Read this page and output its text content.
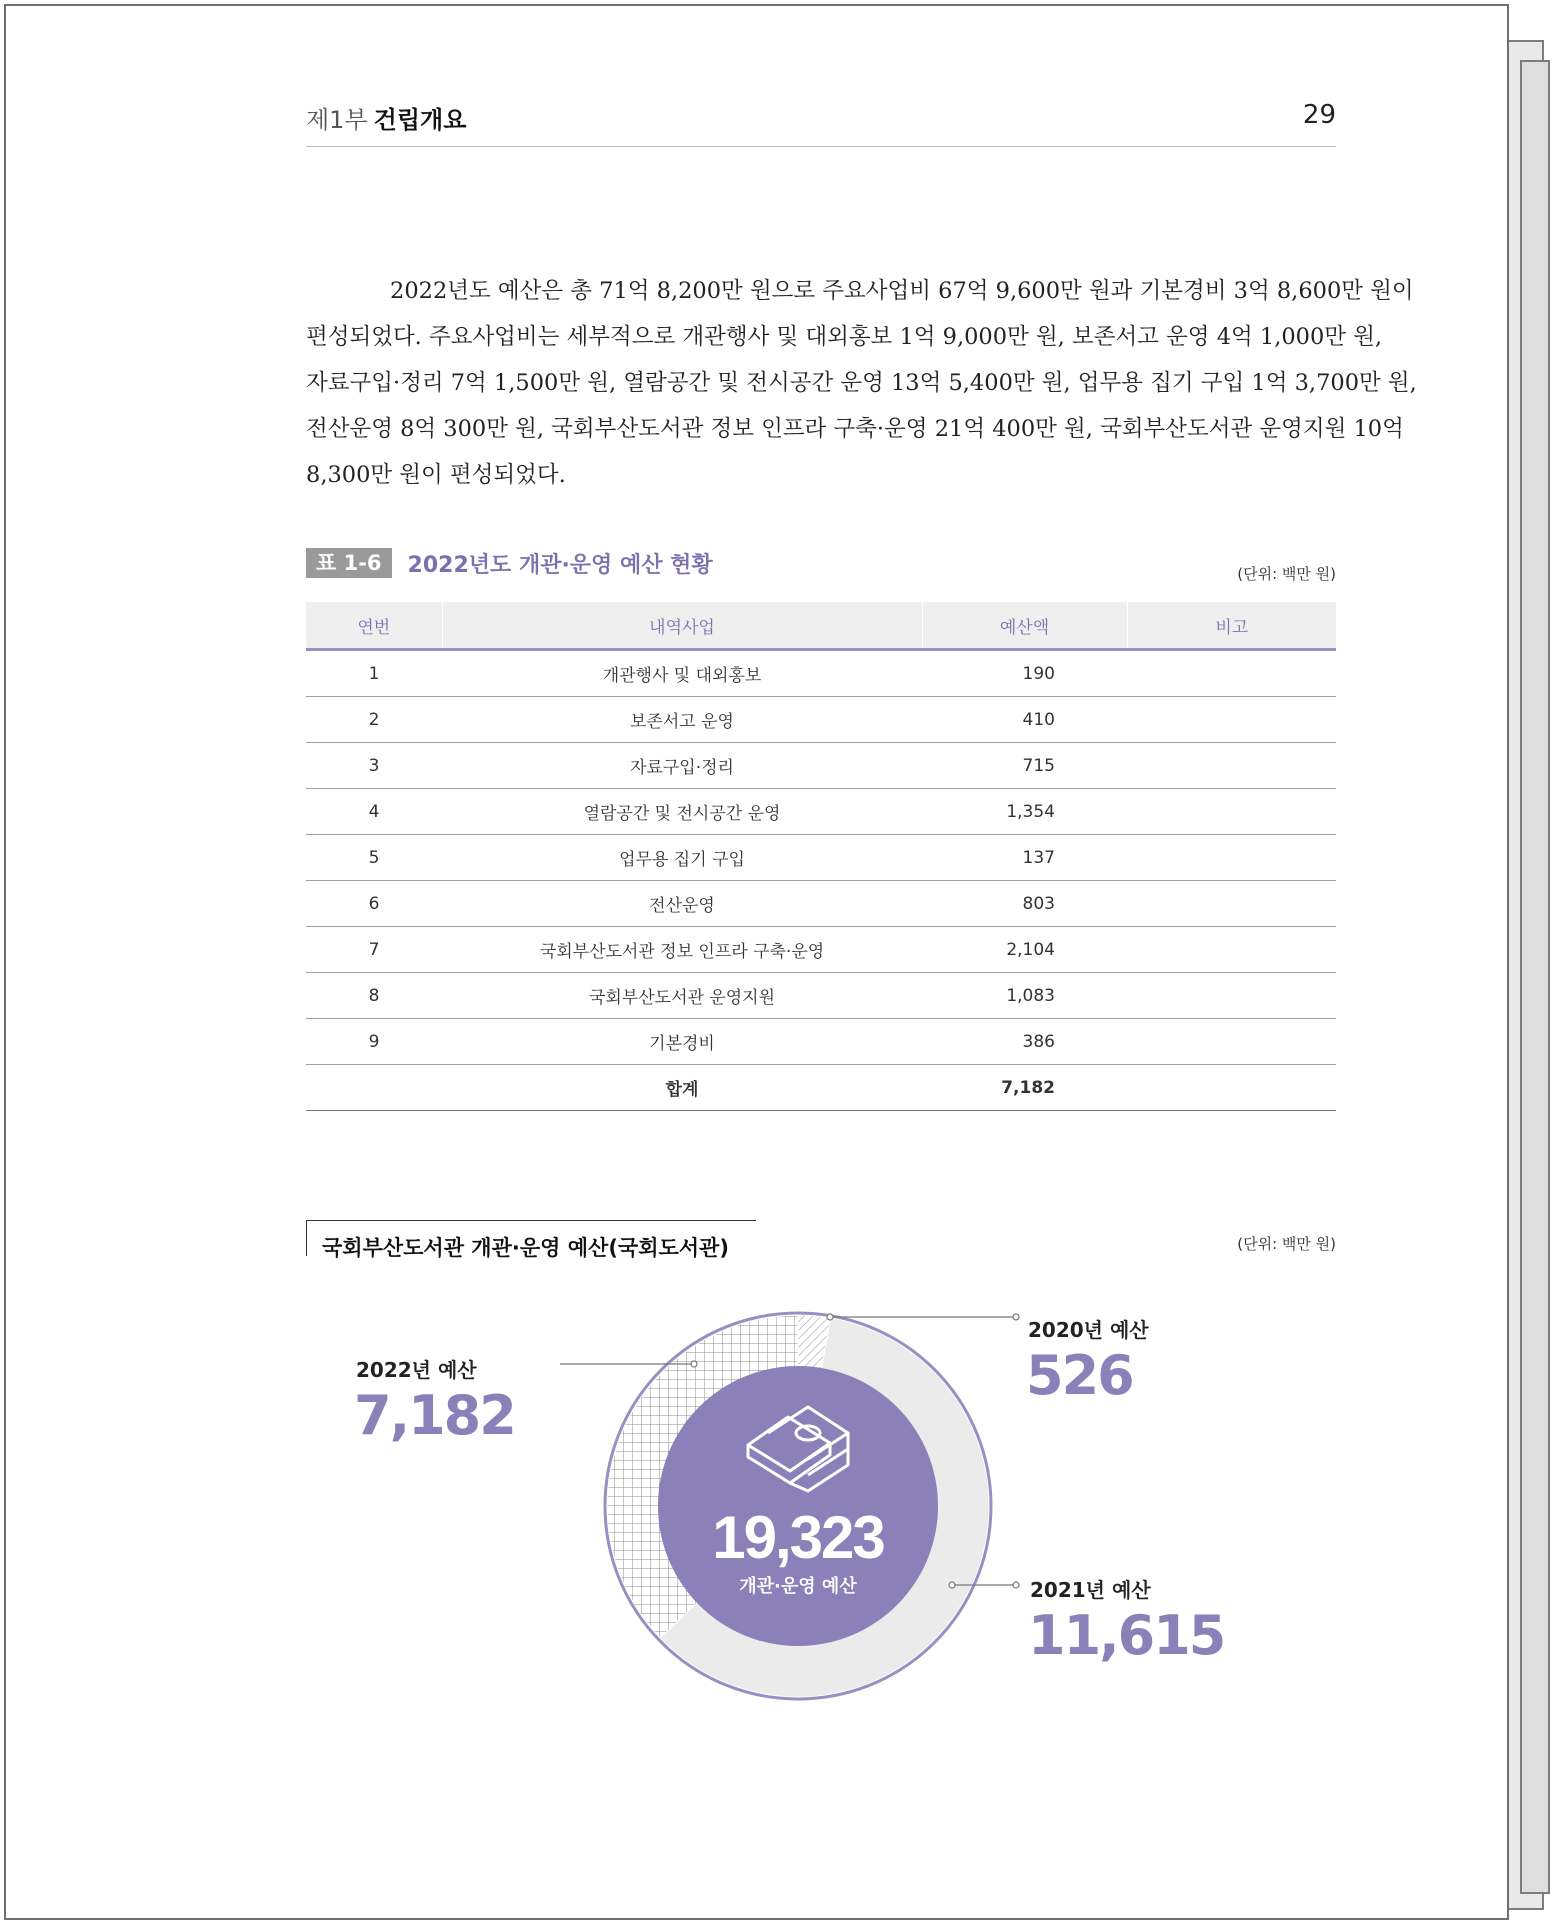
제1부 건립개요	29
2022년도 예산은 총 71억 8,200만 원으로 주요사업비 67억 9,600만 원과 기본경비 3억 8,600만 원이
편성되었다. 주요사업비는 세부적으로 개관행사 및 대외홍보 1억 9,000만 원, 보존서고 운영 4억 1,000만 원,
자료구입·정리 7억 1,500만 원, 열람공간 및 전시공간 운영 13억 5,400만 원, 업무용 집기 구입 1억 3,700만 원,
전산운영 8억 300만 원, 국회부산도서관 정보 인프라 구축·운영 21억 400만 원, 국회부산도서관 운영지원 10억
8,300만 원이 편성되었다.
표 1-6	2022년도 개관·운영 예산 현황	(단위: 백만 원)
연번	내역사업	예산액	비고
1	개관행사 및 대외홍보	190	
2	보존서고 운영	410	
3	자료구입·정리	715	
4	열람공간 및 전시공간 운영	1,354	
5	업무용 집기 구입	137	
6	전산운영	803	
7	국회부산도서관 정보 인프라 구축·운영	2,104	
8	국회부산도서관 운영지원	1,083	
9	기본경비	386	
	합계	7,182	
국회부산도서관 개관·운영 예산(국회도서관)	(단위: 백만 원)
2022년 예산
7,182
2020년 예산
526
2021년 예산
11,615
19,323
개관·운영 예산
